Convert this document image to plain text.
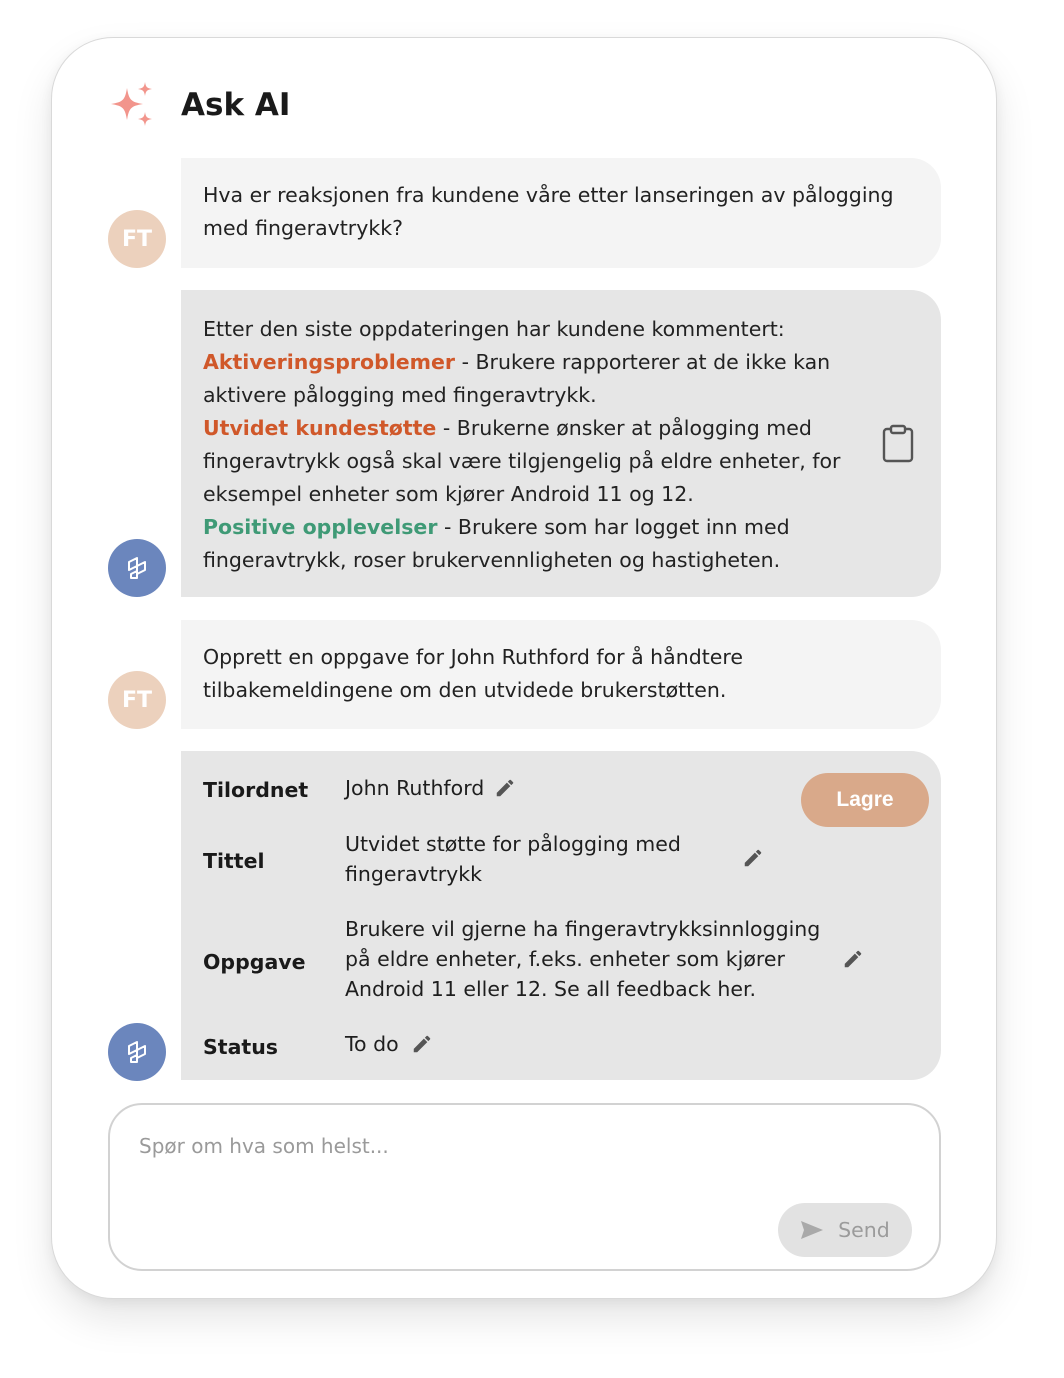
Ask AI
FT
Hva er reaksjonen fra kundene våre etter lanseringen av pålogging med fingeravtrykk?
Etter den siste oppdateringen har kundene kommentert:
Aktiveringsproblemer - Brukere rapporterer at de ikke kan aktivere pålogging med fingeravtrykk.
Utvidet kundestøtte - Brukerne ønsker at pålogging med fingeravtrykk også skal være tilgjengelig på eldre enheter, for eksempel enheter som kjører Android 11 og 12.
Positive opplevelser - Brukere som har logget inn med fingeravtrykk, roser brukervennligheten og hastigheten.
FT
Opprett en oppgave for John Ruthford for å håndtere tilbakemeldingene om den utvidede brukerstøtten.
Lagre
Tilordnet John Ruthford
Tittel
Utvidet støtte for pålogging med fingeravtrykk
Oppgave
Brukere vil gjerne ha fingeravtrykksinnlogging på eldre enheter, f.eks. enheter som kjører Android 11 eller 12. Se all feedback her.
Status	To do
Spør om hva som helst...
Send
